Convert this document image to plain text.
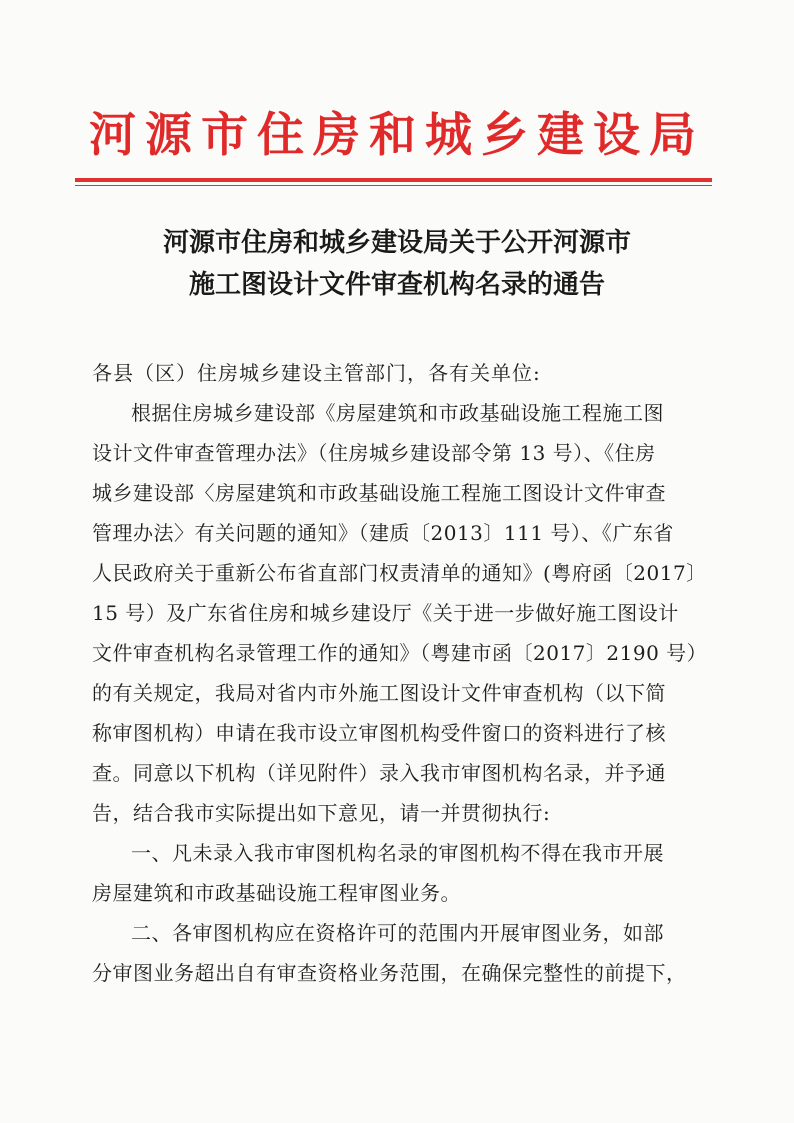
河源市住房和城乡建设局
河源市住房和城乡建设局关于公开河源市
施工图设计文件审查机构名录的通告
各县（区）住房城乡建设主管部门，各有关单位:
根据住房城乡建设部《房屋建筑和市政基础设施工程施工图
设计文件审查管理办法》（住房城乡建设部令第 13 号）、《住房
城乡建设部〈房屋建筑和市政基础设施工程施工图设计文件审查
管理办法〉有关问题的通知》（建质〔2013〕111 号）、《广东省
人民政府关于重新公布省直部门权责清单的通知》(粤府函〔2017〕
15 号）及广东省住房和城乡建设厅《关于进一步做好施工图设计
文件审查机构名录管理工作的通知》（粤建市函〔2017〕2190 号）
的有关规定，我局对省内市外施工图设计文件审查机构（以下简
称审图机构）申请在我市设立审图机构受件窗口的资料进行了核
查。同意以下机构（详见附件）录入我市审图机构名录，并予通
告，结合我市实际提出如下意见，请一并贯彻执行:
一、凡未录入我市审图机构名录的审图机构不得在我市开展
房屋建筑和市政基础设施工程审图业务。
二、各审图机构应在资格许可的范围内开展审图业务，如部
分审图业务超出自有审查资格业务范围，在确保完整性的前提下，
